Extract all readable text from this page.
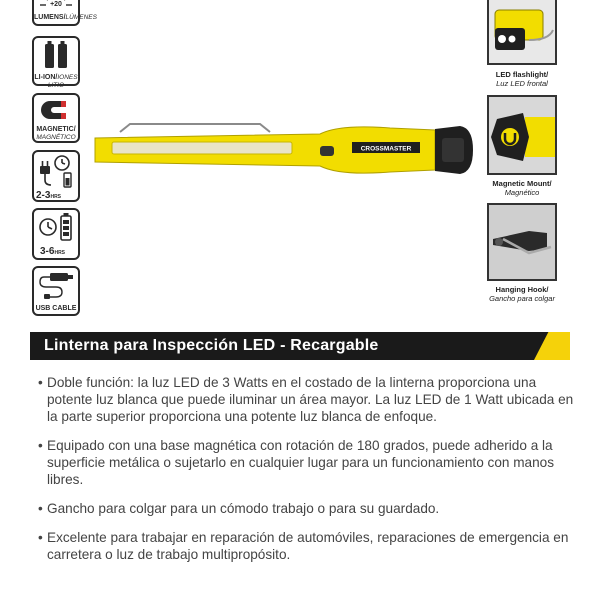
+20
LUMENS/LÚMENES
LI-ION/IONES LITIO
MAGNETIC/
MAGNÉTICO
2-3HRS
3-6HRS
USB CABLE
CROSSMASTER
LED flashlight/
Luz LED frontal
Magnetic Mount/
Magnético
Hanging Hook/
Gancho para colgar
Linterna para Inspección LED - Recargable
• Doble función: la luz LED de 3 Watts en el costado de la linterna proporciona una potente luz blanca que puede iluminar un área mayor. La luz LED de 1 Watt ubicada en la parte superior proporciona una potente luz blanca de enfoque.
• Equipado con una base magnética con rotación de 180 grados, puede adherido a la superficie metálica o sujetarlo en cualquier lugar para un funcionamiento con manos libres.
• Gancho para colgar para un cómodo trabajo o para su guardado.
• Excelente para trabajar en reparación de automóviles, reparaciones de emergencia en carretera o luz de trabajo multipropósito.
